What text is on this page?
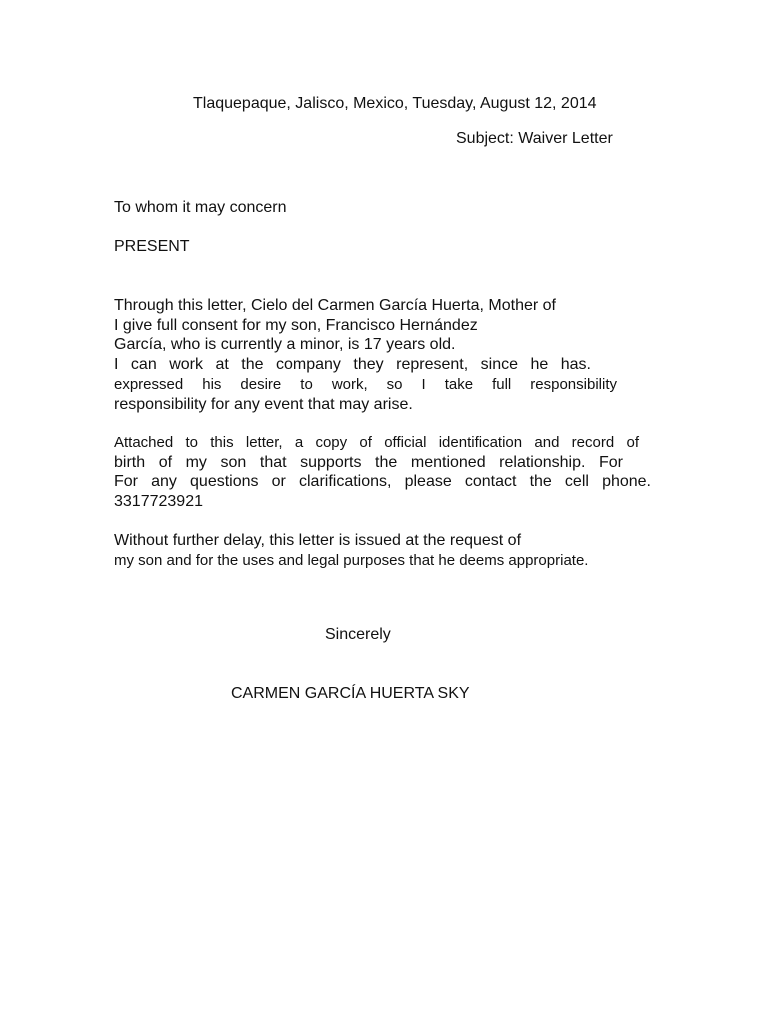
Tlaquepaque, Jalisco, Mexico, Tuesday, August 12, 2014

Subject: Waiver Letter

To whom it may concern

PRESENT

Through this letter, Cielo del Carmen García Huerta, Mother of

I give full consent for my son, Francisco Hernández

García, who is currently a minor, is 17 years old.

I can work at the company they represent, since he has.

expressed his desire to work, so I take full responsibility

responsibility for any event that may arise.

Attached to this letter, a copy of official identification and record of

birth of my son that supports the mentioned relationship. For

For any questions or clarifications, please contact the cell phone.

3317723921

Without further delay, this letter is issued at the request of

my son and for the uses and legal purposes that he deems appropriate.

Sincerely

CARMEN GARCÍA HUERTA SKY
